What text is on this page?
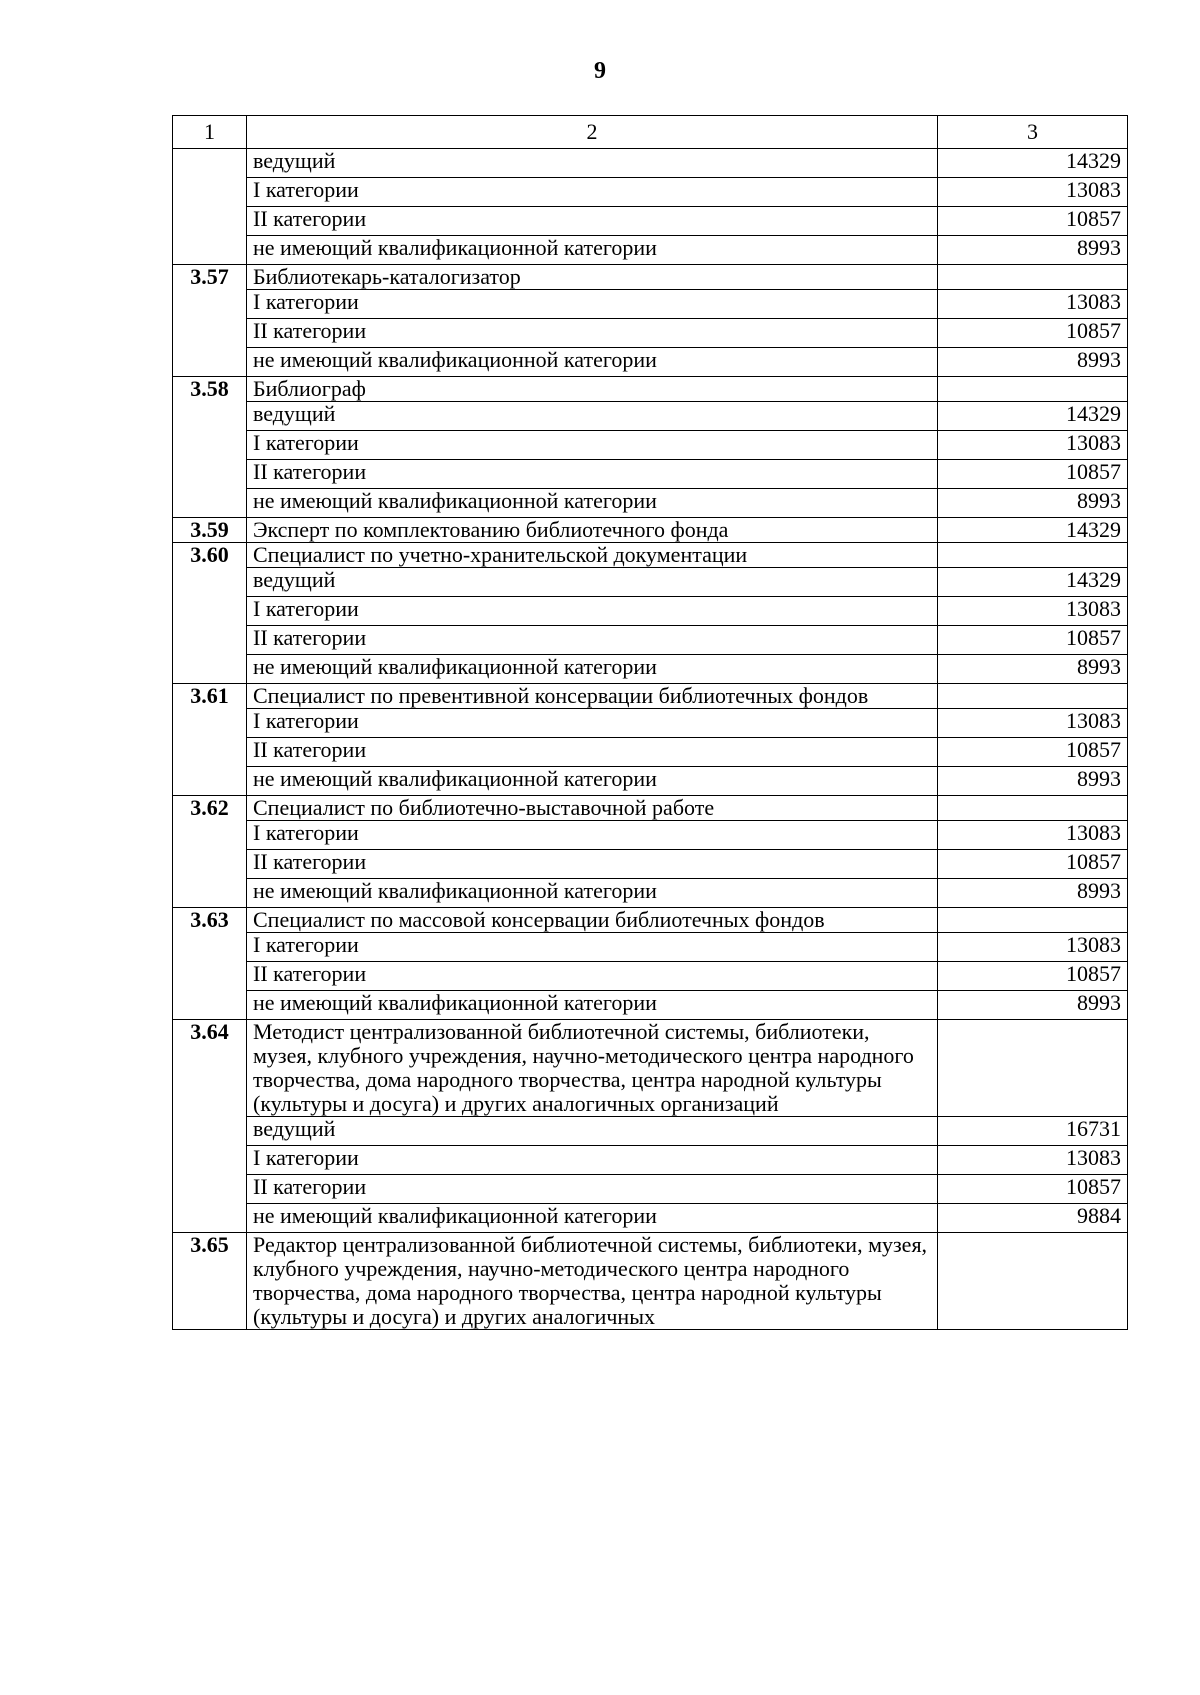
9
1	2	3
	ведущий	14329
	I категории	13083
	II категории	10857
	не имеющий квалификационной категории	8993
3.57	Библиотекарь-каталогизатор	
	I категории	13083
	II категории	10857
	не имеющий квалификационной категории	8993
3.58	Библиограф	
	ведущий	14329
	I категории	13083
	II категории	10857
	не имеющий квалификационной категории	8993
3.59	Эксперт по комплектованию библиотечного фонда	14329
3.60	Специалист по учетно-хранительской документации	
	ведущий	14329
	I категории	13083
	II категории	10857
	не имеющий квалификационной категории	8993
3.61	Специалист по превентивной консервации библиотечных фондов	
	I категории	13083
	II категории	10857
	не имеющий квалификационной категории	8993
3.62	Специалист по библиотечно-выставочной работе	
	I категории	13083
	II категории	10857
	не имеющий квалификационной категории	8993
3.63	Специалист по массовой консервации библиотечных фондов	
	I категории	13083
	II категории	10857
	не имеющий квалификационной категории	8993
3.64	Методист централизованной библиотечной системы, библиотеки, музея, клубного учреждения, научно-методического центра народного творчества, дома народного творчества, центра народной культуры (культуры и досуга) и других аналогичных организаций	
	ведущий	16731
	I категории	13083
	II категории	10857
	не имеющий квалификационной категории	9884
3.65	Редактор централизованной библиотечной системы, библиотеки, музея, клубного учреждения, научно-методического центра народного творчества, дома народного творчества, центра народной культуры (культуры и досуга) и других аналогичных	
